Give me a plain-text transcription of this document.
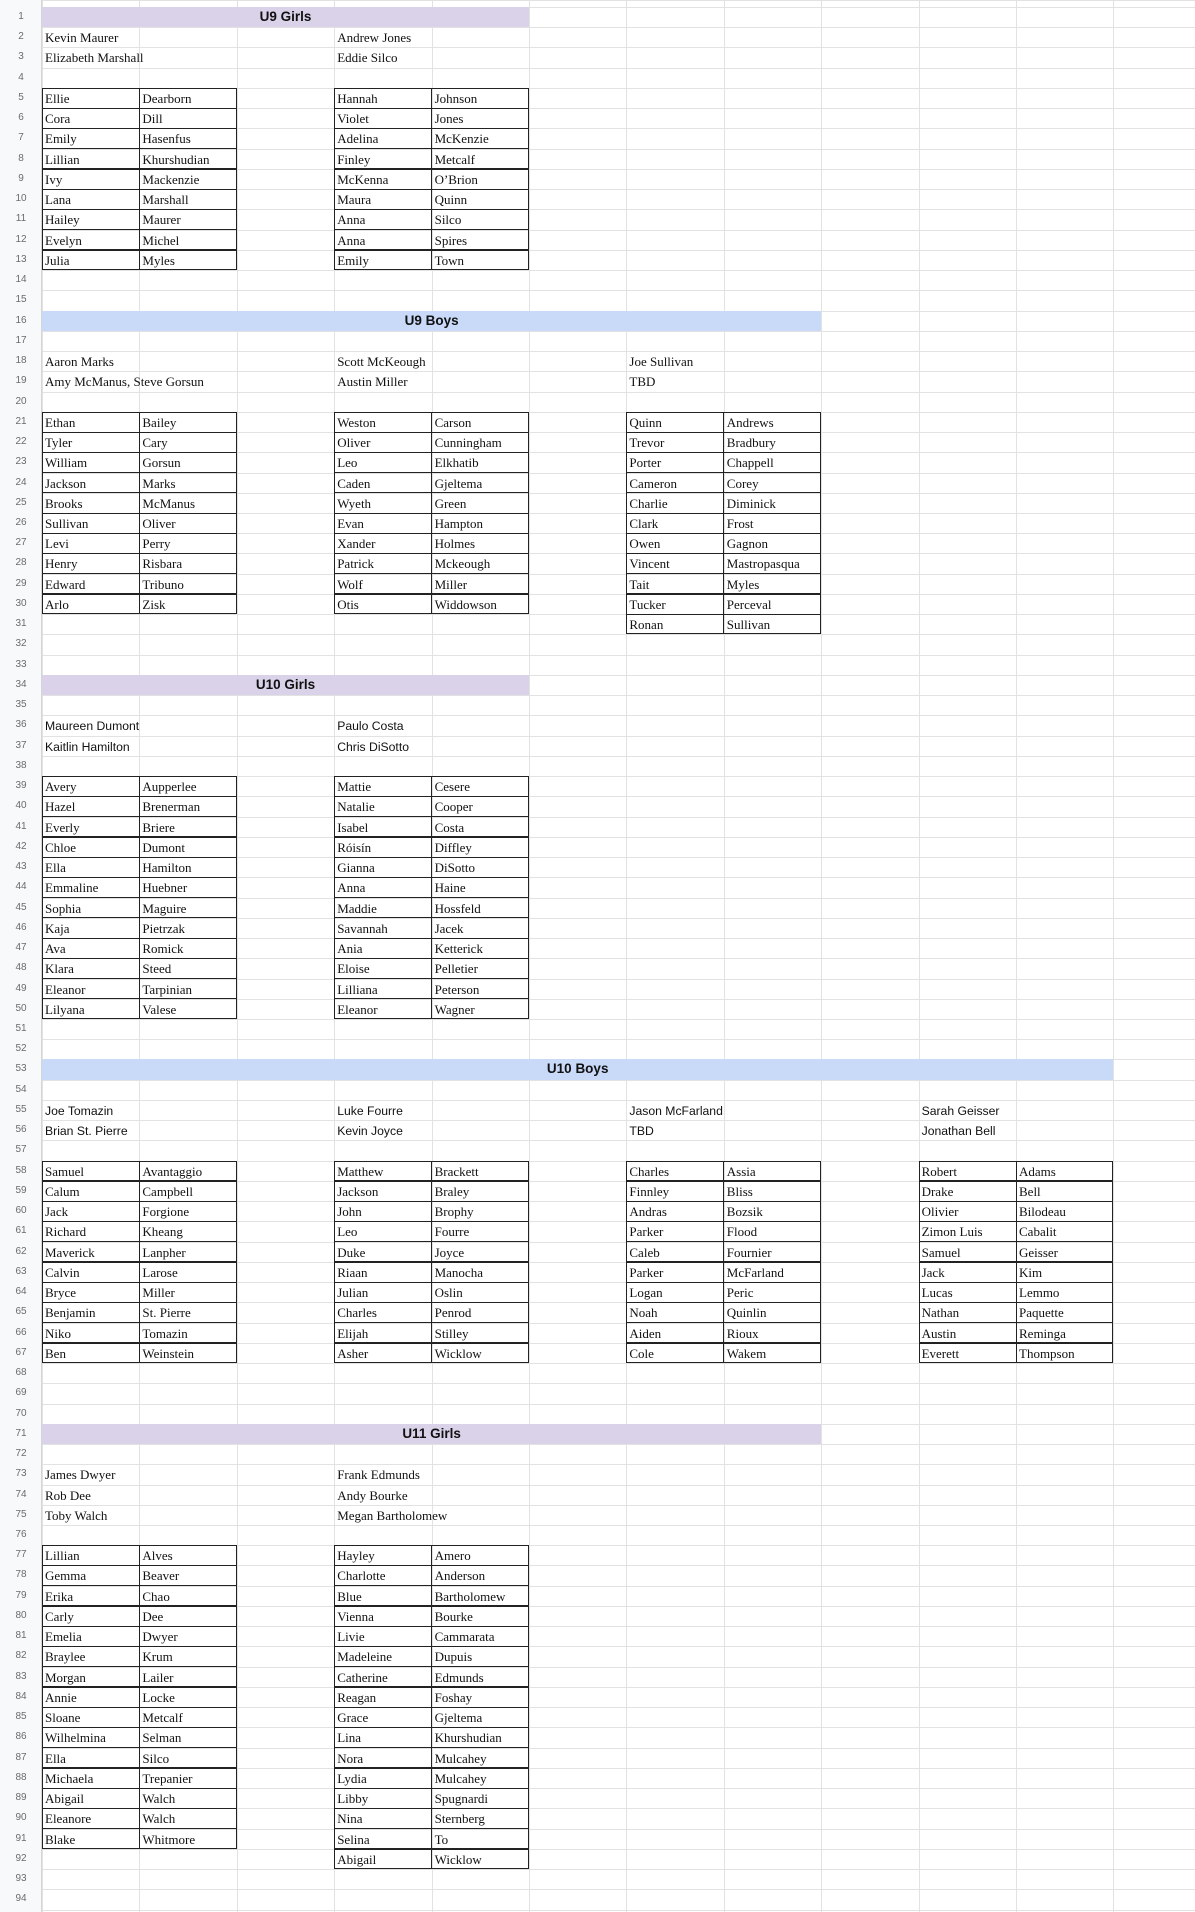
1
2
3
4
5
6
7
8
9
10
11
12
13
14
15
16
17
18
19
20
21
22
23
24
25
26
27
28
29
30
31
32
33
34
35
36
37
38
39
40
41
42
43
44
45
46
47
48
49
50
51
52
53
54
55
56
57
58
59
60
61
62
63
64
65
66
67
68
69
70
71
72
73
74
75
76
77
78
79
80
81
82
83
84
85
86
87
88
89
90
91
92
93
94
U9 Girls
Kevin Maurer
Elizabeth Marshall
Andrew Jones
Eddie Silco
Ellie	Dearborn
Cora	Dill
Emily	Hasenfus
Lillian	Khurshudian
Ivy	Mackenzie
Lana	Marshall
Hailey	Maurer
Evelyn	Michel
Julia	Myles
Hannah	Johnson
Violet	Jones
Adelina	McKenzie
Finley	Metcalf
McKenna	O’Brion
Maura	Quinn
Anna	Silco
Anna	Spires
Emily	Town
U9 Boys
Aaron Marks
Amy McManus, Steve Gorsun
Scott McKeough
Austin Miller
Joe Sullivan
TBD
Ethan	Bailey
Tyler	Cary
William	Gorsun
Jackson	Marks
Brooks	McManus
Sullivan	Oliver
Levi	Perry
Henry	Risbara
Edward	Tribuno
Arlo	Zisk
Weston	Carson
Oliver	Cunningham
Leo	Elkhatib
Caden	Gjeltema
Wyeth	Green
Evan	Hampton
Xander	Holmes
Patrick	Mckeough
Wolf	Miller
Otis	Widdowson
Quinn	Andrews
Trevor	Bradbury
Porter	Chappell
Cameron	Corey
Charlie	Diminick
Clark	Frost
Owen	Gagnon
Vincent	Mastropasqua
Tait	Myles
Tucker	Perceval
Ronan	Sullivan
U10 Girls
Maureen Dumont
Kaitlin Hamilton
Paulo Costa
Chris DiSotto
Avery	Aupperlee
Hazel	Brenerman
Everly	Briere
Chloe	Dumont
Ella	Hamilton
Emmaline	Huebner
Sophia	Maguire
Kaja	Pietrzak
Ava	Romick
Klara	Steed
Eleanor	Tarpinian
Lilyana	Valese
Mattie	Cesere
Natalie	Cooper
Isabel	Costa
Róisín	Diffley
Gianna	DiSotto
Anna	Haine
Maddie	Hossfeld
Savannah	Jacek
Ania	Ketterick
Eloise	Pelletier
Lilliana	Peterson
Eleanor	Wagner
U10 Boys
Joe Tomazin
Brian St. Pierre
Luke Fourre
Kevin Joyce
Jason McFarland
TBD
Sarah Geisser
Jonathan Bell
Samuel	Avantaggio
Calum	Campbell
Jack	Forgione
Richard	Kheang
Maverick	Lanpher
Calvin	Larose
Bryce	Miller
Benjamin	St. Pierre
Niko	Tomazin
Ben	Weinstein
Matthew	Brackett
Jackson	Braley
John	Brophy
Leo	Fourre
Duke	Joyce
Riaan	Manocha
Julian	Oslin
Charles	Penrod
Elijah	Stilley
Asher	Wicklow
Charles	Assia
Finnley	Bliss
Andras	Bozsik
Parker	Flood
Caleb	Fournier
Parker	McFarland
Logan	Peric
Noah	Quinlin
Aiden	Rioux
Cole	Wakem
Robert	Adams
Drake	Bell
Olivier	Bilodeau
Zimon Luis	Cabalit
Samuel	Geisser
Jack	Kim
Lucas	Lemmo
Nathan	Paquette
Austin	Reminga
Everett	Thompson
U11 Girls
James Dwyer
Rob Dee
Toby Walch
Frank Edmunds
Andy Bourke
Megan Bartholomew
Lillian	Alves
Gemma	Beaver
Erika	Chao
Carly	Dee
Emelia	Dwyer
Braylee	Krum
Morgan	Lailer
Annie	Locke
Sloane	Metcalf
Wilhelmina	Selman
Ella	Silco
Michaela	Trepanier
Abigail	Walch
Eleanore	Walch
Blake	Whitmore
Hayley	Amero
Charlotte	Anderson
Blue	Bartholomew
Vienna	Bourke
Livie	Cammarata
Madeleine	Dupuis
Catherine	Edmunds
Reagan	Foshay
Grace	Gjeltema
Lina	Khurshudian
Nora	Mulcahey
Lydia	Mulcahey
Libby	Spugnardi
Nina	Sternberg
Selina	To
Abigail	Wicklow
